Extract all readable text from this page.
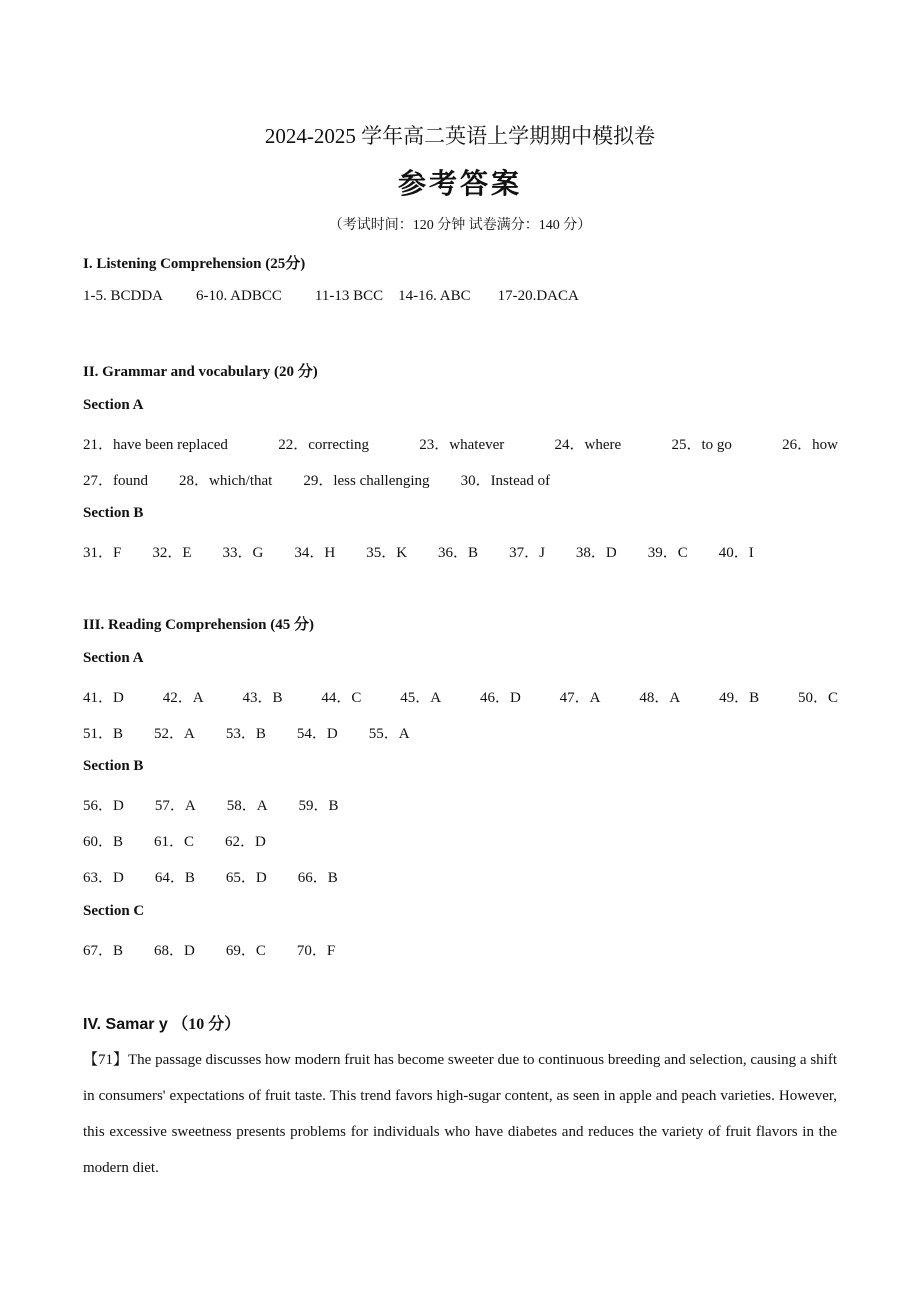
2024-2025 学年高二英语上学期期中模拟卷
参考答案
（考试时间：120 分钟 试卷满分：140 分）
I. Listening Comprehension (25分)
1-5. BCDDA 6-10. ADBCC 11-13 BCC 14-16. ABC 17-20.DACA
II. Grammar and vocabulary (20 分)
Section A
21．have been replaced	22．correcting	23．whatever	24．where	25．to go	26．how
27．found 28．which/that 29．less challenging 30．Instead of
Section B
31．F 32．E 33．G 34．H 35．K 36．B 37．J 38．D 39．C 40．I
III. Reading Comprehension (45 分)
Section A
41．D	42．A	43．B	44．C	45．A	46．D	47．A	48．A	49．B	50．C
51．B 52．A 53．B 54．D 55．A
Section B
56．D 57．A 58．A 59．B
60．B 61．C 62．D
63．D 64．B 65．D 66．B
Section C
67．B 68．D 69．C 70．F
IV. Samar y （10 分）
【71】The passage discusses how modern fruit has become sweeter due to continuous breeding and selection, causing a shift in consumers' expectations of fruit taste. This trend favors high-sugar content, as seen in apple and peach varieties. However, this excessive sweetness presents problems for individuals who have diabetes and reduces the variety of fruit flavors in the modern diet.
